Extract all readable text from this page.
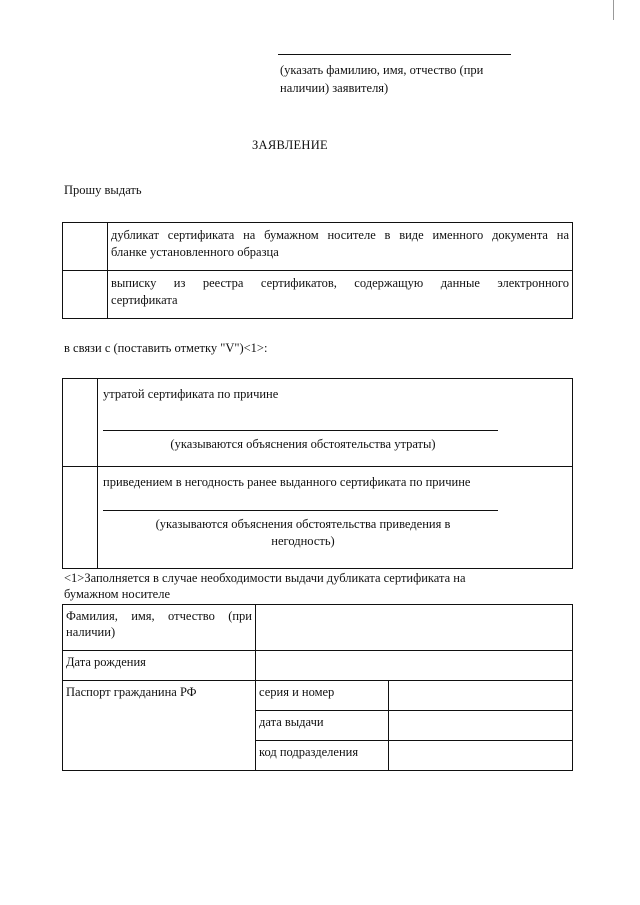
(указать фамилию, имя, отчество (при
наличии) заявителя)
ЗАЯВЛЕНИЕ
Прошу выдать

	дубликат сертификата на бумажном носителе в виде именного документа на
бланке установленного образца

	выписку из реестра сертификатов, содержащую данные электронного
сертификата
в связи с (поставить отметку "V")<1>:

	утратой сертификата по причине
(указываются объяснения обстоятельства утраты)

	приведением в негодность ранее выданного сертификата по причине
(указываются объяснения обстоятельства приведения в
негодность)
<1>Заполняется в случае необходимости выдачи дубликата сертификата на
бумажном носителе
Фамилия, имя, отчество (при
наличии)		

Дата рождения		
Паспорт гражданина РФ	серия и номер	
	дата выдачи	
	код подразделения	
